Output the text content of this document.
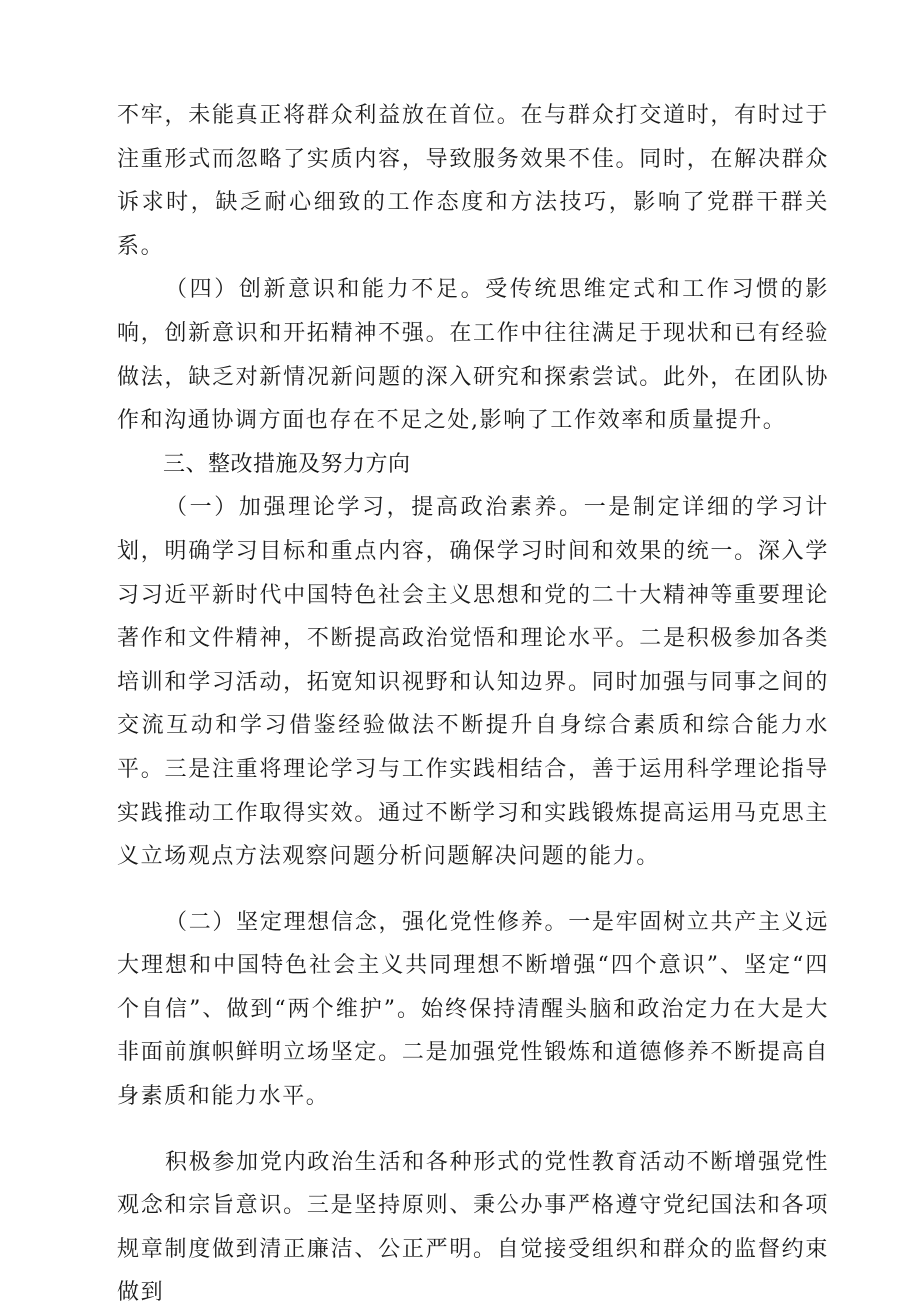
不牢，未能真正将群众利益放在首位。在与群众打交道时，有时过于注重形式而忽略了实质内容，导致服务效果不佳。同时，在解决群众诉求时，缺乏耐心细致的工作态度和方法技巧，影响了党群干群关系。

（四）创新意识和能力不足。受传统思维定式和工作习惯的影响，创新意识和开拓精神不强。在工作中往往满足于现状和已有经验做法，缺乏对新情况新问题的深入研究和探索尝试。此外，在团队协作和沟通协调方面也存在不足之处,影响了工作效率和质量提升。

三、整改措施及努力方向

（一）加强理论学习，提高政治素养。一是制定详细的学习计划，明确学习目标和重点内容，确保学习时间和效果的统一。深入学习习近平新时代中国特色社会主义思想和党的二十大精神等重要理论著作和文件精神，不断提高政治觉悟和理论水平。二是积极参加各类培训和学习活动，拓宽知识视野和认知边界。同时加强与同事之间的交流互动和学习借鉴经验做法不断提升自身综合素质和综合能力水平。三是注重将理论学习与工作实践相结合，善于运用科学理论指导实践推动工作取得实效。通过不断学习和实践锻炼提高运用马克思主义立场观点方法观察问题分析问题解决问题的能力。

（二）坚定理想信念，强化党性修养。一是牢固树立共产主义远大理想和中国特色社会主义共同理想不断增强“四个意识”、坚定“四个自信”、做到“两个维护”。始终保持清醒头脑和政治定力在大是大非面前旗帜鲜明立场坚定。二是加强党性锻炼和道德修养不断提高自身素质和能力水平。

积极参加党内政治生活和各种形式的党性教育活动不断增强党性观念和宗旨意识。三是坚持原则、秉公办事严格遵守党纪国法和各项规章制度做到清正廉洁、公正严明。自觉接受组织和群众的监督约束做到
